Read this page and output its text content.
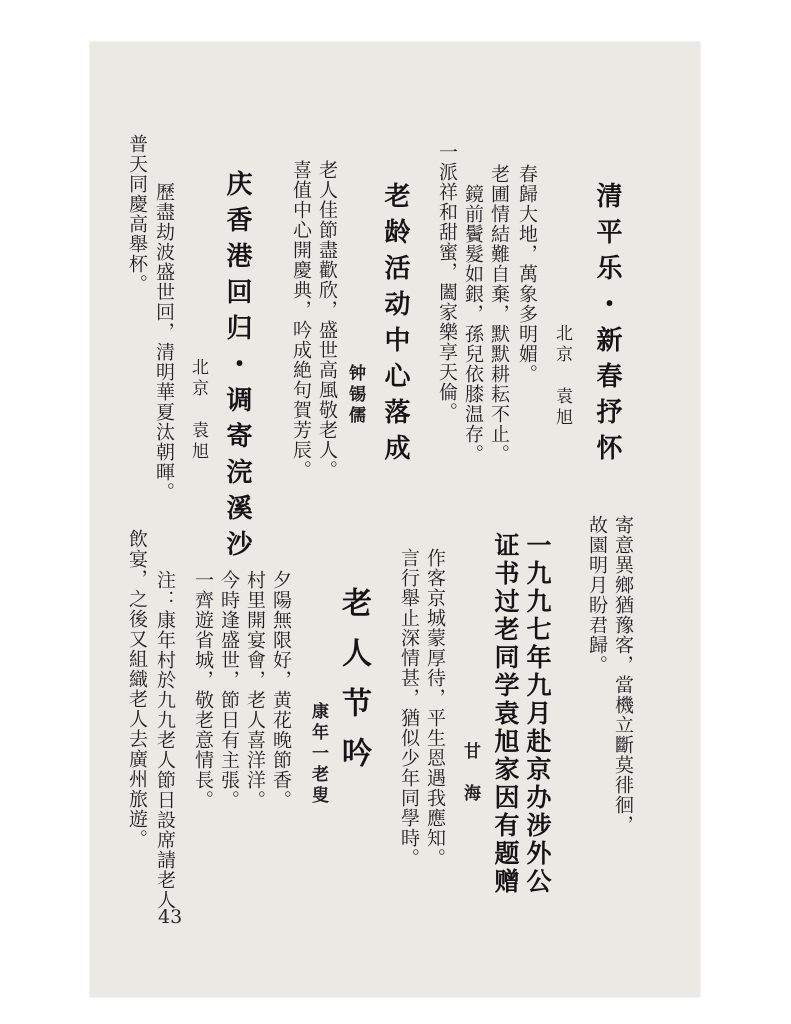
清平乐・新春抒怀
北京　袁旭
春歸大地，萬象多明媚。
老圃情結難自棄，默默耕耘不止。
鏡前鬢髮如銀，孫兒依膝温存。
一派祥和甜蜜，闔家樂享天倫。
老龄活动中心落成
钟锡儒
老人佳節盡歡欣，盛世高風敬老人。
喜值中心開慶典，吟成絶句賀芳辰。
庆香港回归・调寄浣溪沙
北京　袁旭
歷盡劫波盛世回，清明華夏汰朝暉。
普天同慶高舉杯。
寄意異鄉猶豫客，當機立斷莫徘徊，
故園明月盼君歸。
一九九七年九月赴京办涉外公
证书过老同学袁旭家因有题赠
甘　海
作客京城蒙厚待，平生恩遇我應知。
言行舉止深情甚，猶似少年同學時。
老人节吟
康年一老叟
夕陽無限好，黄花晚節香。
村里開宴會，老人喜洋洋。
今時逢盛世，節日有主張。
一齊遊省城，敬老意情長。
注：康年村於九九老人節日設席請老人
飲宴，之後又組織老人去廣州旅遊。
43
